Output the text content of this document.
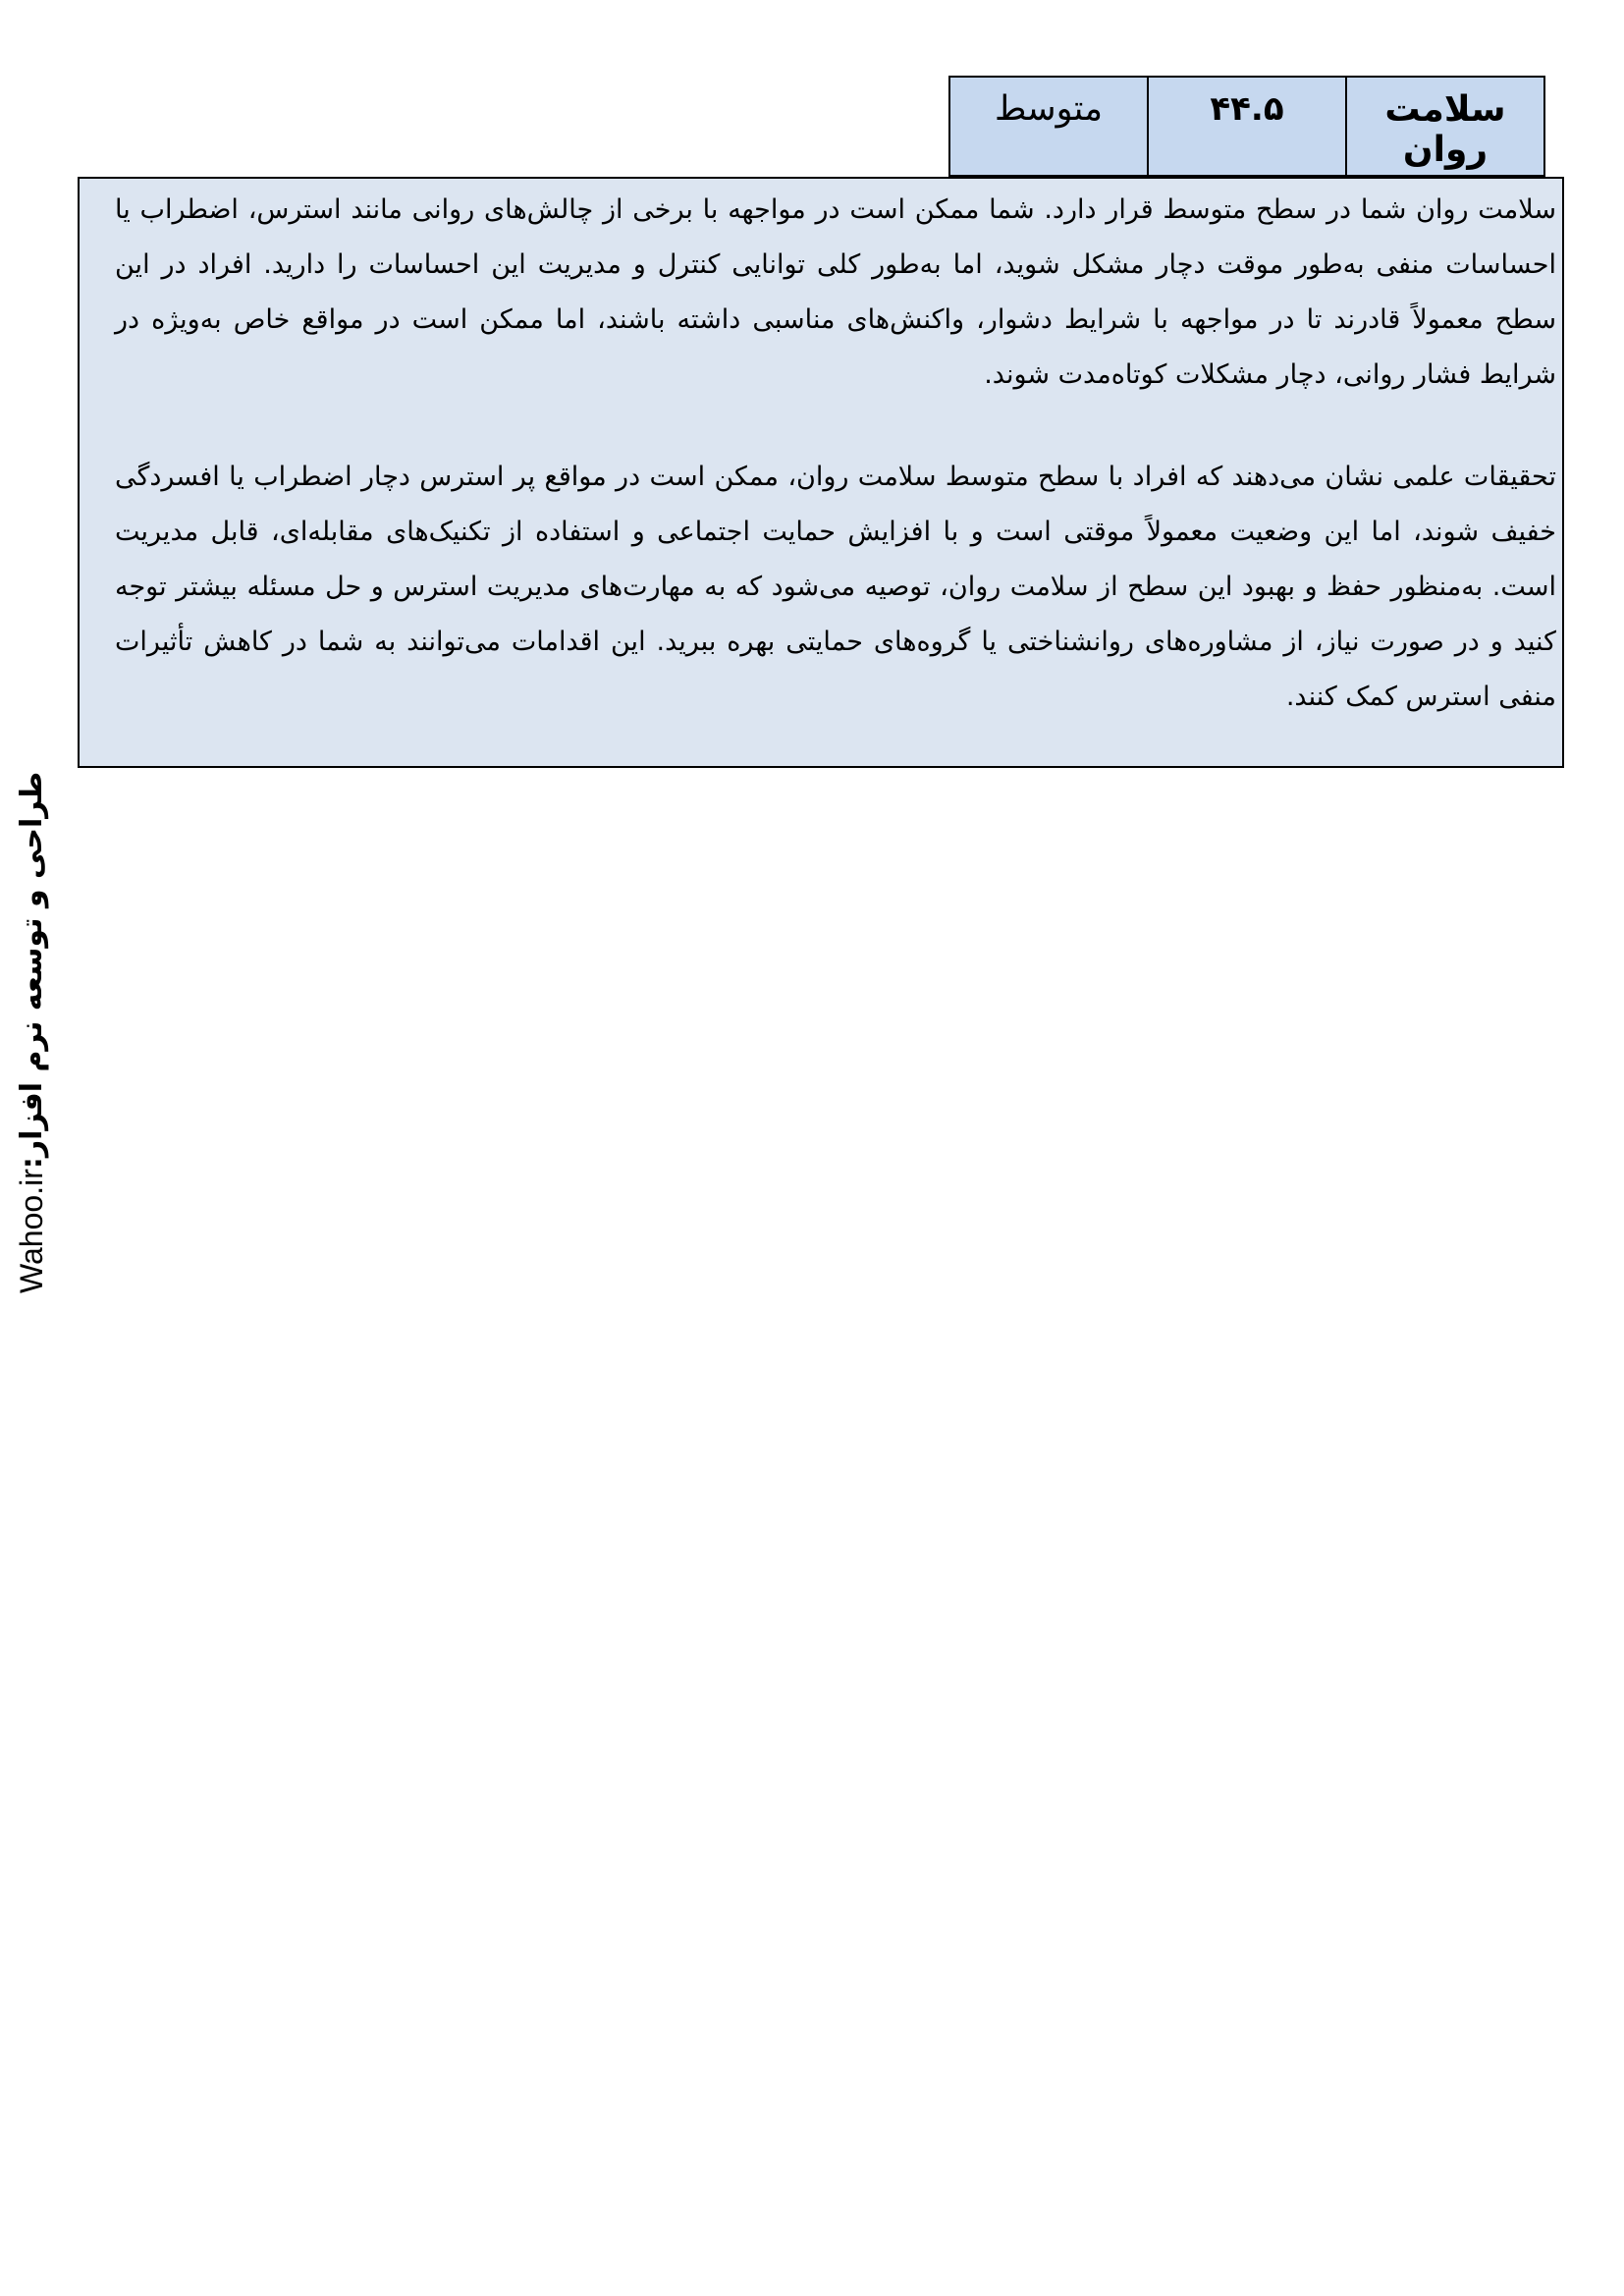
سلامت روان	۴۴.۵	متوسط

سلامت روان شما در سطح متوسط قرار دارد. شما ممکن است در مواجهه با برخی از چالش‌های روانی مانند استرس، اضطراب یا احساسات منفی به‌طور موقت دچار مشکل شوید، اما به‌طور کلی توانایی کنترل و مدیریت این احساسات را دارید. افراد در این سطح معمولاً قادرند تا در مواجهه با شرایط دشوار، واکنش‌های مناسبی داشته باشند، اما ممکن است در مواقع خاص به‌ویژه در شرایط فشار روانی، دچار مشکلات کوتاه‌مدت شوند.

تحقیقات علمی نشان می‌دهند که افراد با سطح متوسط سلامت روان، ممکن است در مواقع پر استرس دچار اضطراب یا افسردگی خفیف شوند، اما این وضعیت معمولاً موقتی است و با افزایش حمایت اجتماعی و استفاده از تکنیک‌های مقابله‌ای، قابل مدیریت است. به‌منظور حفظ و بهبود این سطح از سلامت روان، توصیه می‌شود که به مهارت‌های مدیریت استرس و حل مسئله بیشتر توجه کنید و در صورت نیاز، از مشاوره‌های روانشناختی یا گروه‌های حمایتی بهره ببرید. این اقدامات می‌توانند به شما در کاهش تأثیرات منفی استرس کمک کنند.

Wahoo.ir
طراحی و توسعه نرم افزار:
